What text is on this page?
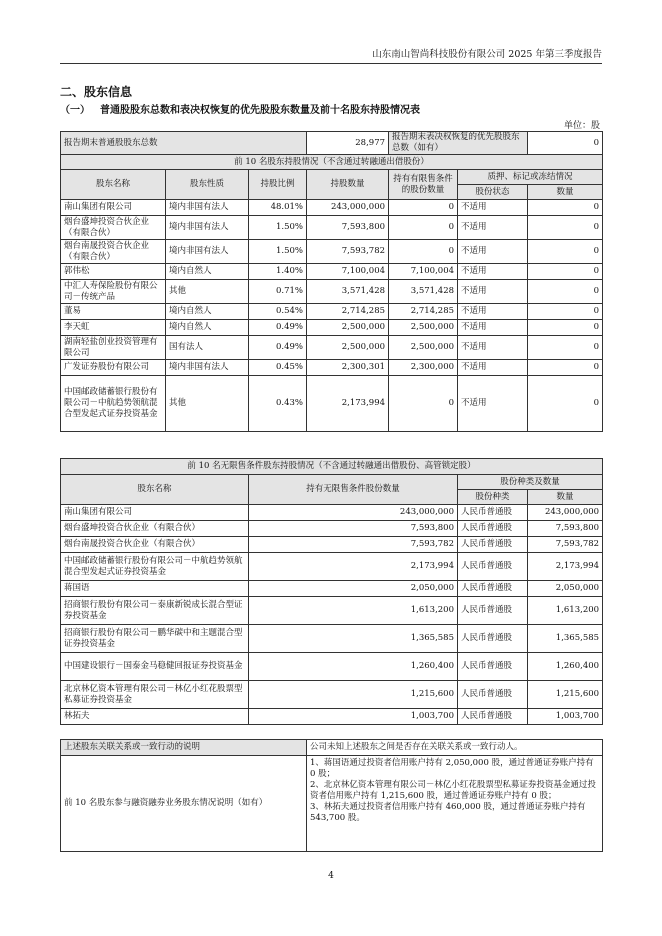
山东南山智尚科技股份有限公司 2025 年第三季度报告
二、股东信息
（一） 普通股股东总数和表决权恢复的优先股股东数量及前十名股东持股情况表
单位：股
报告期末普通股股东总数			28,977	报告期末表决权恢复的优先股股东总数（如有）		0
前 10 名股东持股情况（不含通过转融通出借股份）						
股东名称	股东性质	持股比例	持股数量	持有有限售条件的股份数量	质押、标记或冻结情况	
					股份状态	数量
南山集团有限公司	境内非国有法人	48.01%	243,000,000	0	不适用	0
烟台盛坤投资合伙企业（有限合伙）	境内非国有法人	1.50%	7,593,800	0	不适用	0
烟台南晟投资合伙企业（有限合伙）	境内非国有法人	1.50%	7,593,782	0	不适用	0
郭伟松	境内自然人	1.40%	7,100,004	7,100,004	不适用	0
中汇人寿保险股份有限公司－传统产品	其他	0.71%	3,571,428	3,571,428	不适用	0
董易	境内自然人	0.54%	2,714,285	2,714,285	不适用	0
李天虹	境内自然人	0.49%	2,500,000	2,500,000	不适用	0
湖南轻盐创业投资管理有限公司	国有法人	0.49%	2,500,000	2,500,000	不适用	0
广发证券股份有限公司	境内非国有法人	0.45%	2,300,301	2,300,000	不适用	0
中国邮政储蓄银行股份有限公司－中航趋势领航混合型发起式证券投资基金	其他	0.43%	2,173,994	0	不适用	0
前 10 名无限售条件股东持股情况（不含通过转融通出借股份、高管锁定股）			
股东名称	持有无限售条件股份数量	股份种类及数量	
		股份种类	数量
南山集团有限公司	243,000,000	人民币普通股	243,000,000
烟台盛坤投资合伙企业（有限合伙）	7,593,800	人民币普通股	7,593,800
烟台南晟投资合伙企业（有限合伙）	7,593,782	人民币普通股	7,593,782
中国邮政储蓄银行股份有限公司－中航趋势领航混合型发起式证券投资基金	2,173,994	人民币普通股	2,173,994
蒋国语	2,050,000	人民币普通股	2,050,000
招商银行股份有限公司－泰康新锐成长混合型证券投资基金	1,613,200	人民币普通股	1,613,200
招商银行股份有限公司－鹏华碳中和主题混合型证券投资基金	1,365,585	人民币普通股	1,365,585
中国建设银行－国泰金马稳健回报证券投资基金	1,260,400	人民币普通股	1,260,400
北京林亿资本管理有限公司－林亿小红花股票型私募证券投资基金	1,215,600	人民币普通股	1,215,600
林拓夫	1,003,700	人民币普通股	1,003,700
上述股东关联关系或一致行动的说明	公司未知上述股东之间是否存在关联关系或一致行动人。
前 10 名股东参与融资融券业务股东情况说明（如有）	1、蒋国语通过投资者信用账户持有 2,050,000 股，通过普通证券账户持有 0 股；
2、北京林亿资本管理有限公司－林亿小红花股票型私募证券投资基金通过投资者信用账户持有 1,215,600 股，通过普通证券账户持有 0 股；
3、林拓夫通过投资者信用账户持有 460,000 股，通过普通证券账户持有 543,700 股。
4
